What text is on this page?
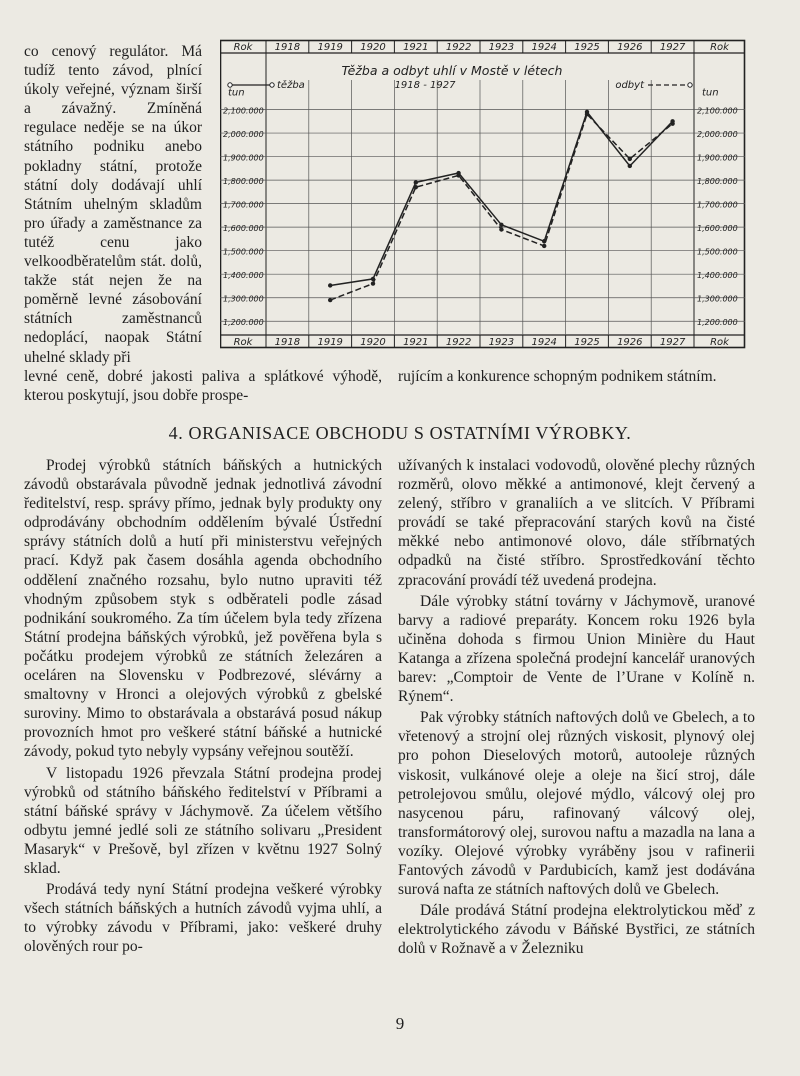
co cenový regulátor. Má tudíž tento závod, plnící úkoly veřejné, význam širší a závažný. Zmíněná regulace neděje se na úkor státního podniku anebo pokladny státní, protože státní doly dodávají uhlí Státním uhelným skladům pro úřady a zaměstnance za tutéž cenu jako velkoodběratelům stát. dolů, takže stát nejen že na poměrně levné zásobování státních zaměstnanců nedoplácí, naopak Státní uhelné sklady při

1918
1918
1919
1919
1920
1920
1921
1921
1922
1922
1923
1923
1924
1924
1925
1925
1926
1926
1927
1927
Rok	Rok
Rok	Rok
1,200.000	1,200.000
1,300.000	1,300.000
1,400.000	1,400.000
1,500.000	1,500.000
1,600.000	1,600.000
1,700.000	1,700.000
1,800.000	1,800.000
1,900.000	1,900.000
2,000.000	2,000.000
2,100.000	2,100.000
tun	tun
Těžba a odbyt uhlí v Mostě v létech
1918 - 1927
těžba	odbyt

levné ceně, dobré jakosti paliva a splátkové výhodě, kterou poskytují, jsou dobře prospe-

rujícím a konkurence schopným podnikem státním.

4. ORGANISACE OBCHODU S OSTATNÍMI VÝROBKY.

Prodej výrobků státních báňských a hutnických závodů obstarávala původně jednak jednotlivá závodní ředitelství, resp. správy přímo, jednak byly produkty ony odprodávány obchodním oddělením bývalé Ústřední správy státních dolů a hutí při ministerstvu veřejných prací. Když pak časem dosáhla agenda obchodního oddělení značného rozsahu, bylo nutno upraviti též vhodným způsobem styk s odběrateli podle zásad podnikání soukromého. Za tím účelem byla tedy zřízena Státní prodejna báňských výrobků, jež pověřena byla s počátku prodejem výrobků ze státních železáren a oceláren na Slovensku v Podbrezové, slévárny a smaltovny v Hronci a olejových výrobků z gbelské suroviny. Mimo to obstarávala a obstarává posud nákup provozních hmot pro veškeré státní báňské a hutnické závody, pokud tyto nebyly vypsány veřejnou soutěží.

V listopadu 1926 převzala Státní prodejna prodej výrobků od státního báňského ředitelství v Příbrami a státní báňské správy v Jáchymově. Za účelem většího odbytu jemné jedlé soli ze státního solivaru „President Masaryk“ v Prešově, byl zřízen v květnu 1927 Solný sklad.

Prodává tedy nyní Státní prodejna veškeré výrobky všech státních báňských a hutních závodů vyjma uhlí, a to výrobky závodu v Příbrami, jako: veškeré druhy olověných rour po-

užívaných k instalaci vodovodů, olověné plechy různých rozměrů, olovo měkké a antimonové, klejt červený a zelený, stříbro v granaliích a ve slitcích. V Příbrami provádí se také přepracování starých kovů na čisté měkké nebo antimonové olovo, dále stříbrnatých odpadků na čisté stříbro. Sprostředkování těchto zpracování provádí též uvedená prodejna.

Dále výrobky státní továrny v Jáchymově, uranové barvy a radiové preparáty. Koncem roku 1926 byla učiněna dohoda s firmou Union Minière du Haut Katanga a zřízena společná prodejní kancelář uranových barev: „Comptoir de Vente de l’Urane v Kolíně n. Rýnem“.

Pak výrobky státních naftových dolů ve Gbelech, a to vřetenový a strojní olej různých viskosit, plynový olej pro pohon Dieselových motorů, autooleje různých viskosit, vulkánové oleje a oleje na šicí stroj, dále petrolejovou smůlu, olejové mýdlo, válcový olej pro nasycenou páru, rafinovaný válcový olej, transformátorový olej, surovou naftu a mazadla na lana a vozíky. Olejové výrobky vyráběny jsou v rafinerii Fantových závodů v Pardubicích, kamž jest dodávána surová nafta ze státních naftových dolů ve Gbelech.

Dále prodává Státní prodejna elektrolytickou měď z elektrolytického závodu v Báňské Bystřici, ze státních dolů v Rožnavě a v Železniku

9
